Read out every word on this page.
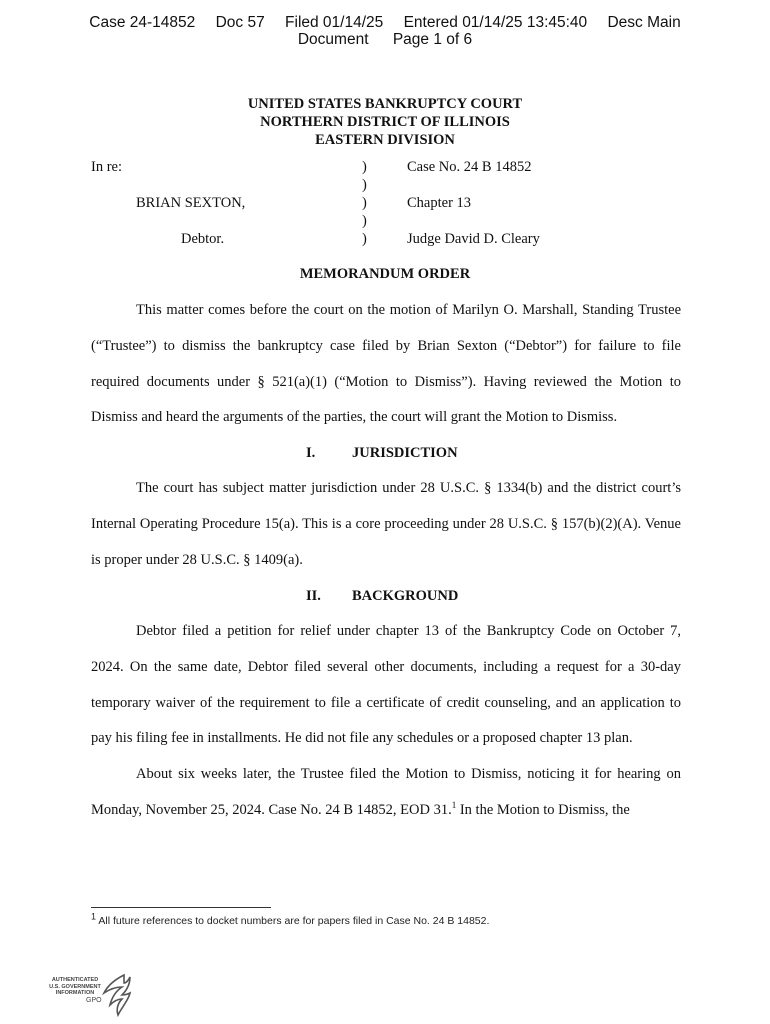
Case 24-14852 Doc 57 Filed 01/14/25 Entered 01/14/25 13:45:40 Desc Main
Document Page 1 of 6
UNITED STATES BANKRUPTCY COURT
NORTHERN DISTRICT OF ILLINOIS
EASTERN DIVISION
In re:
BRIAN SEXTON,
Debtor.
)
)
)
)
)
Case No. 24 B 14852
Chapter 13
Judge David D. Cleary
MEMORANDUM ORDER

This matter comes before the court on the motion of Marilyn O. Marshall, Standing Trustee (“Trustee”) to dismiss the bankruptcy case filed by Brian Sexton (“Debtor”) for failure to file required documents under § 521(a)(1) (“Motion to Dismiss”). Having reviewed the Motion to Dismiss and heard the arguments of the parties, the court will grant the Motion to Dismiss.

I.	JURISDICTION

The court has subject matter jurisdiction under 28 U.S.C. § 1334(b) and the district court’s Internal Operating Procedure 15(a). This is a core proceeding under 28 U.S.C. § 157(b)(2)(A). Venue is proper under 28 U.S.C. § 1409(a).

II. BACKGROUND

Debtor filed a petition for relief under chapter 13 of the Bankruptcy Code on October 7, 2024. On the same date, Debtor filed several other documents, including a request for a 30-day temporary waiver of the requirement to file a certificate of credit counseling, and an application to pay his filing fee in installments. He did not file any schedules or a proposed chapter 13 plan.

About six weeks later, the Trustee filed the Motion to Dismiss, noticing it for hearing on Monday, November 25, 2024. Case No. 24 B 14852, EOD 31.$^1$ In the Motion to Dismiss, the

$^1$ All future references to docket numbers are for papers filed in Case No. 24 B 14852.
AUTHENTICATED
U.S. GOVERNMENT
INFORMATION
GPO
